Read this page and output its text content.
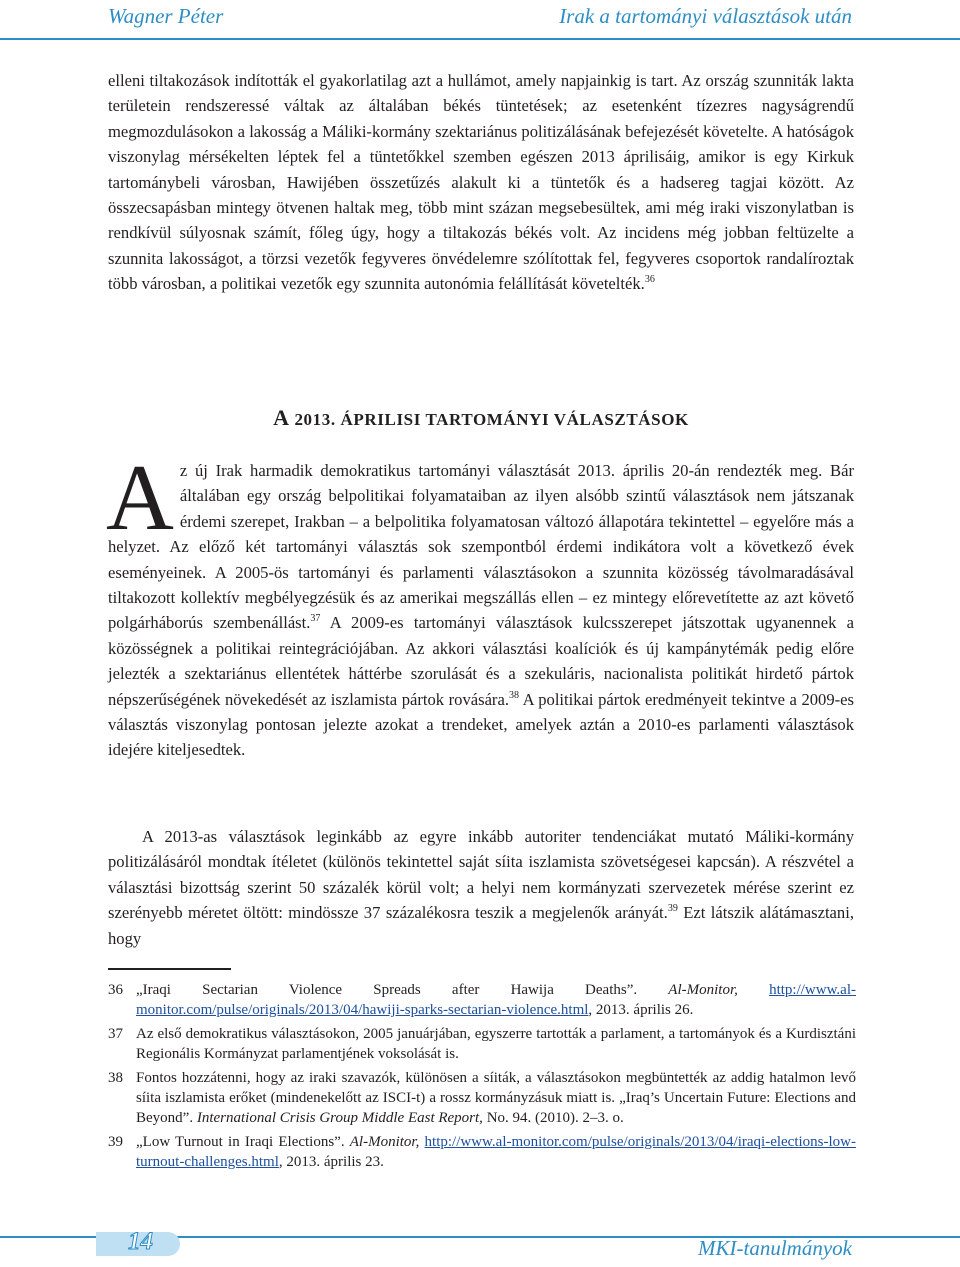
Wagner Péter	Irak a tartományi választások után

elleni tiltakozások indították el gyakorlatilag azt a hullámot, amely napjainkig is tart. Az ország szunniták lakta területein rendszeressé váltak az általában békés tüntetések; az esetenként tízezres nagyságrendű megmozdulásokon a lakosság a Máliki-kormány szektariánus politizálásának befejezését követelte. A hatóságok viszonylag mérsékelten léptek fel a tüntetőkkel szemben egészen 2013 áprilisáig, amikor is egy Kirkuk tartománybeli városban, Hawijében összetűzés alakult ki a tüntetők és a hadsereg tagjai között. Az összecsapásban mintegy ötvenen haltak meg, több mint százan megsebesültek, ami még iraki viszonylatban is rendkívül súlyosnak számít, főleg úgy, hogy a tiltakozás békés volt. Az incidens még jobban feltüzelte a szunnita lakosságot, a törzsi vezetők fegyveres önvédelemre szólítottak fel, fegyveres csoportok randalíroztak több városban, a politikai vezetők egy szunnita autonómia felállítását követelték.$^{36}$

A 2013. ÁPRILISI TARTOMÁNYI VÁLASZTÁSOK

Az új Irak harmadik demokratikus tartományi választását 2013. április 20-án rendezték meg. Bár általában egy ország belpolitikai folyamataiban az ilyen alsóbb szintű választások nem játszanak érdemi szerepet, Irakban – a belpolitika folyamatosan változó állapotára tekintettel – egyelőre más a helyzet. Az előző két tartományi választás sok szempontból érdemi indikátora volt a következő évek eseményeinek. A 2005-ös tartományi és parlamenti választásokon a szunnita közösség távolmaradásával tiltakozott kollektív megbélyegzésük és az amerikai megszállás ellen – ez mintegy előrevetítette az azt követő polgárháborús szembenállást.$^{37}$ A 2009-es tartományi választások kulcsszerepet játszottak ugyanennek a közösségnek a politikai reintegrációjában. Az akkori választási koalíciók és új kampánytémák pedig előre jelezték a szektariánus ellentétek háttérbe szorulását és a szekuláris, nacionalista politikát hirdető pártok népszerűségének növekedését az iszlamista pártok rovására.$^{38}$ A politikai pártok eredményeit tekintve a 2009-es választás viszonylag pontosan jelezte azokat a trendeket, amelyek aztán a 2010-es parlamenti választások idejére kiteljesedtek.

A 2013-as választások leginkább az egyre inkább autoriter tendenciákat mutató Máliki-kormány politizálásáról mondtak ítéletet (különös tekintettel saját síita iszlamista szövetségesei kapcsán). A részvétel a választási bizottság szerint 50 százalék körül volt; a helyi nem kormányzati szervezetek mérése szerint ez szerényebb méretet öltött: mindössze 37 százalékosra teszik a megjelenők arányát.$^{39}$ Ezt látszik alátámasztani, hogy

36 „Iraqi Sectarian Violence Spreads after Hawija Deaths”. Al-Monitor, http://www.al-monitor.com/pulse/originals/2013/04/hawiji-sparks-sectarian-violence.html, 2013. április 26.
37 Az első demokratikus választásokon, 2005 januárjában, egyszerre tartották a parlament, a tartományok és a Kurdisztáni Regionális Kormányzat parlamentjének voksolását is.
38 Fontos hozzátenni, hogy az iraki szavazók, különösen a síiták, a választásokon megbüntették az addig hatalmon levő síita iszlamista erőket (mindenekelőtt az ISCI-t) a rossz kormányzásuk miatt is. „Iraq’s Uncertain Future: Elections and Beyond”. International Crisis Group Middle East Report, No. 94. (2010). 2–3. o.
39 „Low Turnout in Iraqi Elections”. Al-Monitor, http://www.al-monitor.com/pulse/originals/2013/04/iraqi-elections-low-turnout-challenges.html, 2013. április 23.
14	MKI-tanulmányok
